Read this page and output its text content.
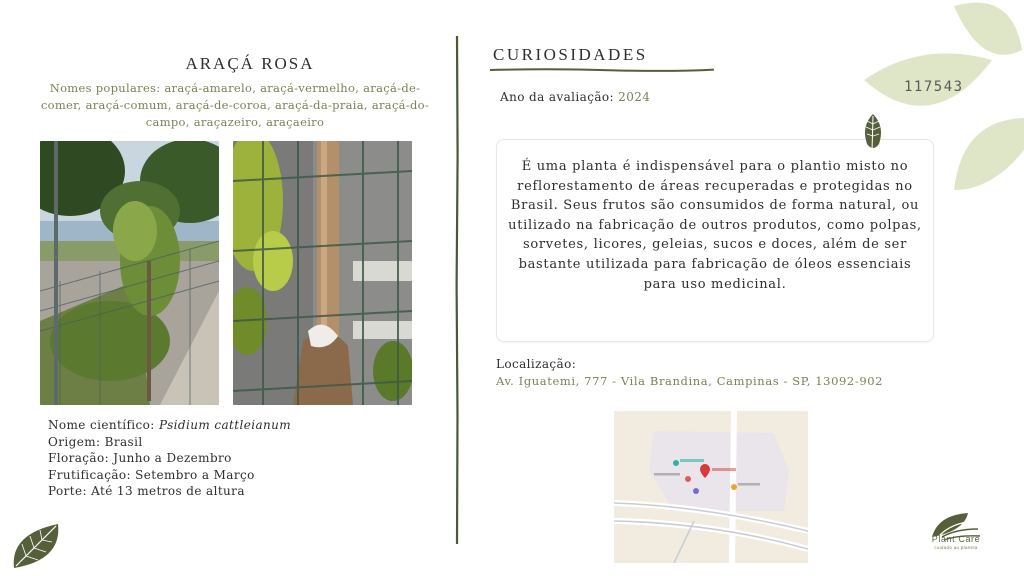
ARAÇÁ ROSA
Nomes populares: araçá-amarelo, araçá-vermelho, araçá-de-comer, araçá-comum, araçá-de-coroa, araçá-da-praia, araçá-do-campo, araçazeiro, araçaeiro
Nome científico: Psidium cattleianum
Origem: Brasil
Floração: Junho a Dezembro
Frutificação: Setembro a Março
Porte: Até 13 metros de altura
CURIOSIDADES
Ano da avaliação: 2024
É uma planta é indispensável para o plantio misto no reflorestamento de áreas recuperadas e protegidas no Brasil. Seus frutos são consumidos de forma natural, ou utilizado na fabricação de outros produtos, como polpas, sorvetes, licores, geleias, sucos e doces, além de ser bastante utilizada para fabricação de óleos essenciais para uso medicinal.
Localização:
Av. Iguatemi, 777 - Vila Brandina, Campinas - SP, 13092-902
117543
Plant Care
cuidado ao planeta
